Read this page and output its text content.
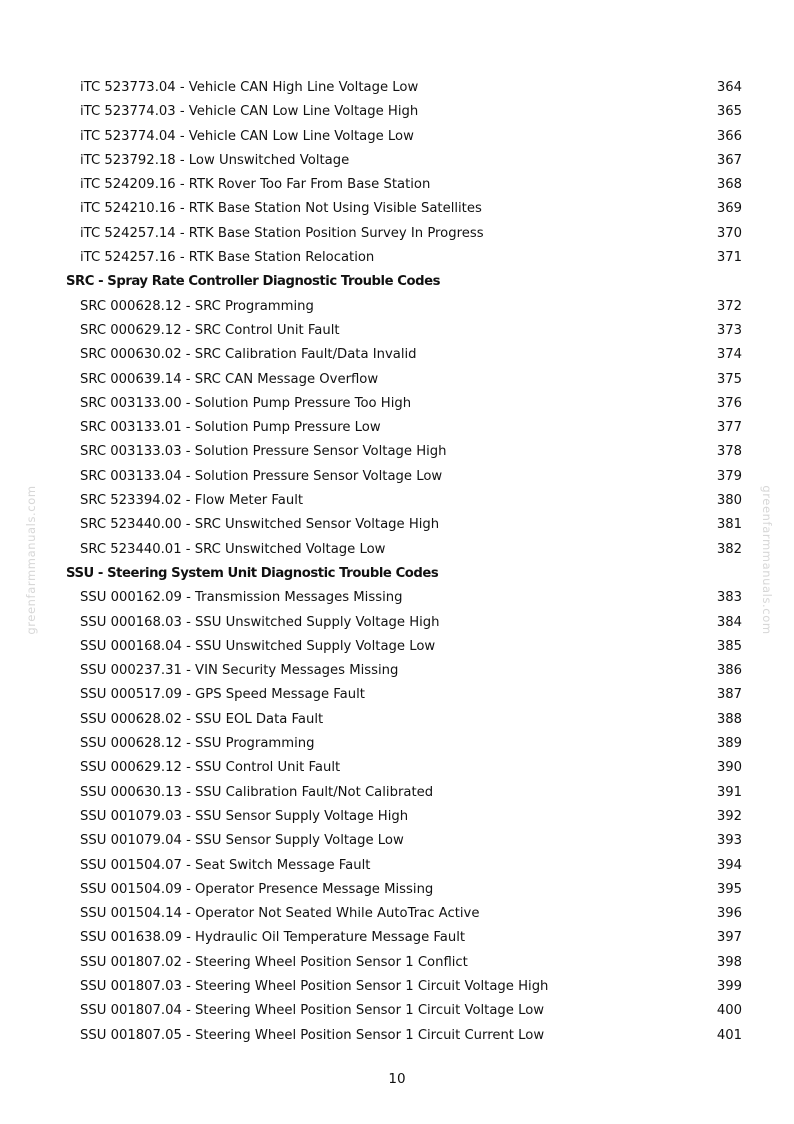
iTC 523773.04 - Vehicle CAN High Line Voltage Low	364
iTC 523774.03 - Vehicle CAN Low Line Voltage High	365
iTC 523774.04 - Vehicle CAN Low Line Voltage Low	366
iTC 523792.18 - Low Unswitched Voltage	367
iTC 524209.16 - RTK Rover Too Far From Base Station	368
iTC 524210.16 - RTK Base Station Not Using Visible Satellites	369
iTC 524257.14 - RTK Base Station Position Survey In Progress	370
iTC 524257.16 - RTK Base Station Relocation	371
SRC - Spray Rate Controller Diagnostic Trouble Codes
SRC 000628.12 - SRC Programming	372
SRC 000629.12 - SRC Control Unit Fault	373
SRC 000630.02 - SRC Calibration Fault/Data Invalid	374
SRC 000639.14 - SRC CAN Message Overflow	375
SRC 003133.00 - Solution Pump Pressure Too High	376
SRC 003133.01 - Solution Pump Pressure Low	377
SRC 003133.03 - Solution Pressure Sensor Voltage High	378
SRC 003133.04 - Solution Pressure Sensor Voltage Low	379
SRC 523394.02 - Flow Meter Fault	380
SRC 523440.00 - SRC Unswitched Sensor Voltage High	381
SRC 523440.01 - SRC Unswitched Voltage Low	382
SSU - Steering System Unit Diagnostic Trouble Codes
SSU 000162.09 - Transmission Messages Missing	383
SSU 000168.03 - SSU Unswitched Supply Voltage High	384
SSU 000168.04 - SSU Unswitched Supply Voltage Low	385
SSU 000237.31 - VIN Security Messages Missing	386
SSU 000517.09 - GPS Speed Message Fault	387
SSU 000628.02 - SSU EOL Data Fault	388
SSU 000628.12 - SSU Programming	389
SSU 000629.12 - SSU Control Unit Fault	390
SSU 000630.13 - SSU Calibration Fault/Not Calibrated	391
SSU 001079.03 - SSU Sensor Supply Voltage High	392
SSU 001079.04 - SSU Sensor Supply Voltage Low	393
SSU 001504.07 - Seat Switch Message Fault	394
SSU 001504.09 - Operator Presence Message Missing	395
SSU 001504.14 - Operator Not Seated While AutoTrac Active	396
SSU 001638.09 - Hydraulic Oil Temperature Message Fault	397
SSU 001807.02 - Steering Wheel Position Sensor 1 Conflict	398
SSU 001807.03 - Steering Wheel Position Sensor 1 Circuit Voltage High	399
SSU 001807.04 - Steering Wheel Position Sensor 1 Circuit Voltage Low	400
SSU 001807.05 - Steering Wheel Position Sensor 1 Circuit Current Low	401
10
greenfarmmanuals.com	greenfarmmanuals.com
